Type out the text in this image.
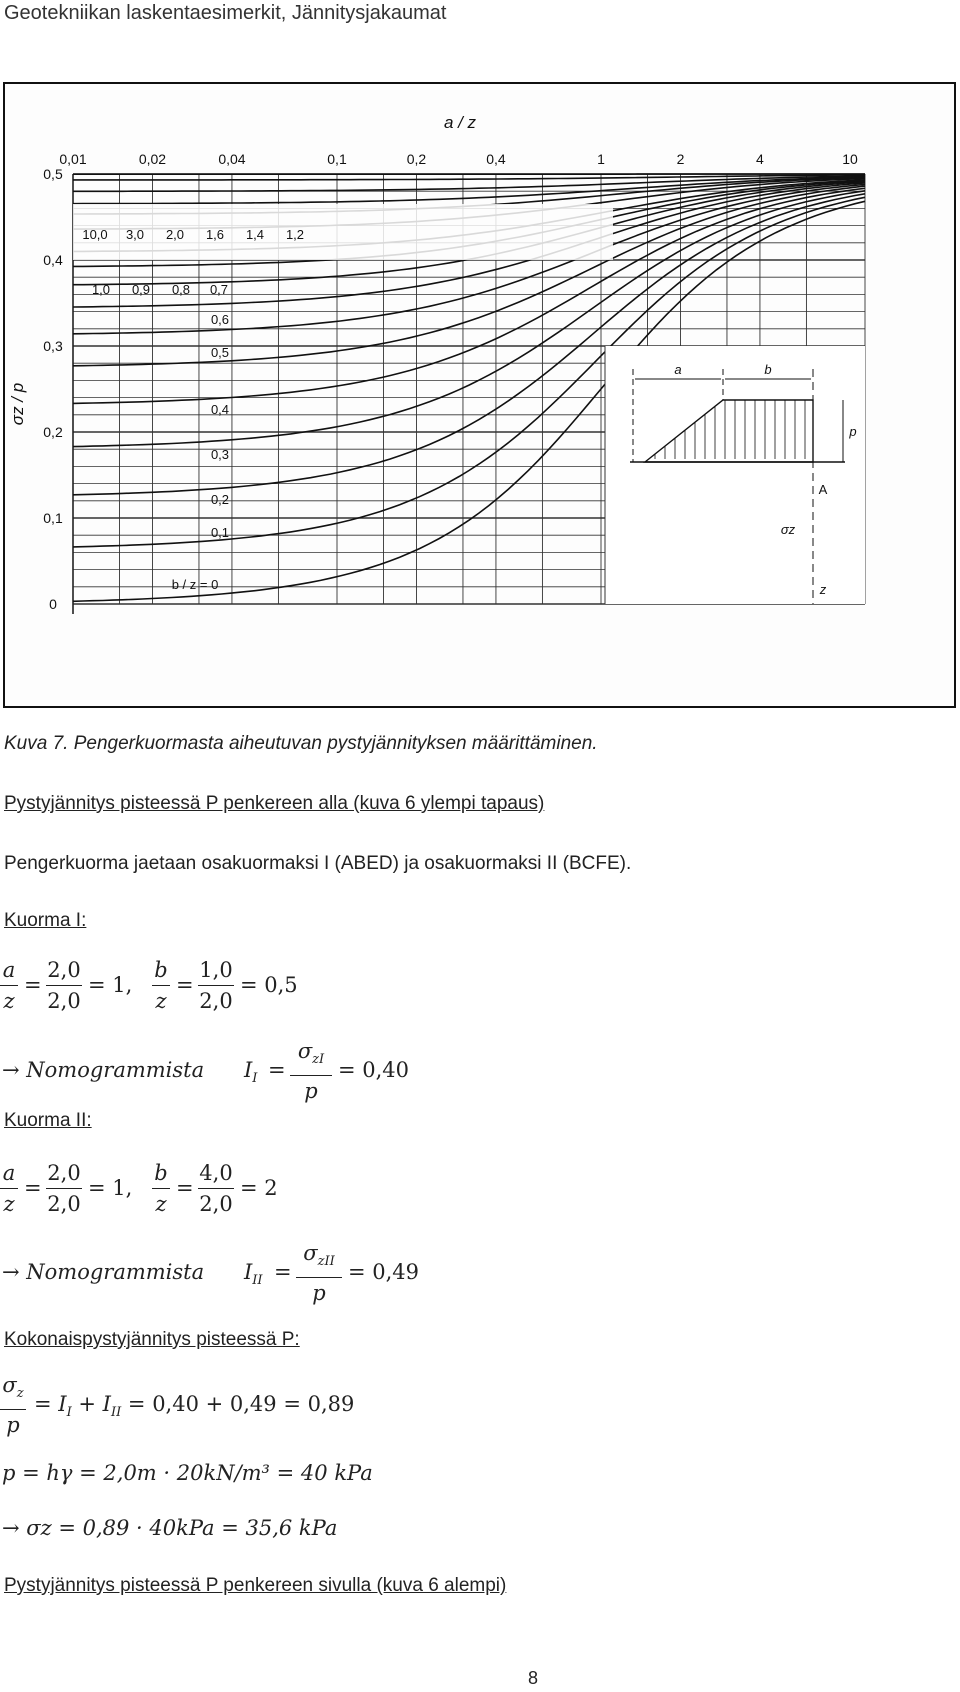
Geotekniikan laskentaesimerkit, Jännitysjakaumat
0,01	0,02	0,04	0,1	0,2	0,4	1	2	4	10
a / z
0,5
0,4
0,3
0,2
0,1
0
σz / p
10,0 3,0 2,0 1,6 1,4 1,2
1,0 0,9 0,8 0,7
0,6
0,5
0,4
0,3
0,2
0,1
b / z = 0
a	b
p
A
σz
z
Kuva 7. Pengerkuormasta aiheutuvan pystyjännityksen määrittäminen.
Pystyjännitys pisteessä P penkereen alla (kuva 6 ylempi tapaus)
Pengerkuorma jaetaan osakuormaksi I (ABED) ja osakuormaksi II (BCFE).
Kuorma I:
a
z
=
2,0
2,0
= 1,
b
z
=
1,0
2,0
= 0,5
→ Nomogrammista $I_I$ =
$\sigma_{zI}$
p
= 0,40
Kuorma II:
a
z
=
2,0
2,0
= 1,
b
z
=
4,0
2,0
= 2
→ Nomogrammista $I_{II}$ =
$\sigma_{zII}$
p
= 0,49
Kokonaispystyjännitys pisteessä P:
$\sigma_z$
p
= $I_I + I_{II} = 0,40 + 0,49 = 0,89$
p = hγ = 2,0m · 20kN/m³ = 40 kPa
→ σz = 0,89 · 40kPa = 35,6 kPa
Pystyjännitys pisteessä P penkereen sivulla (kuva 6 alempi)
8
